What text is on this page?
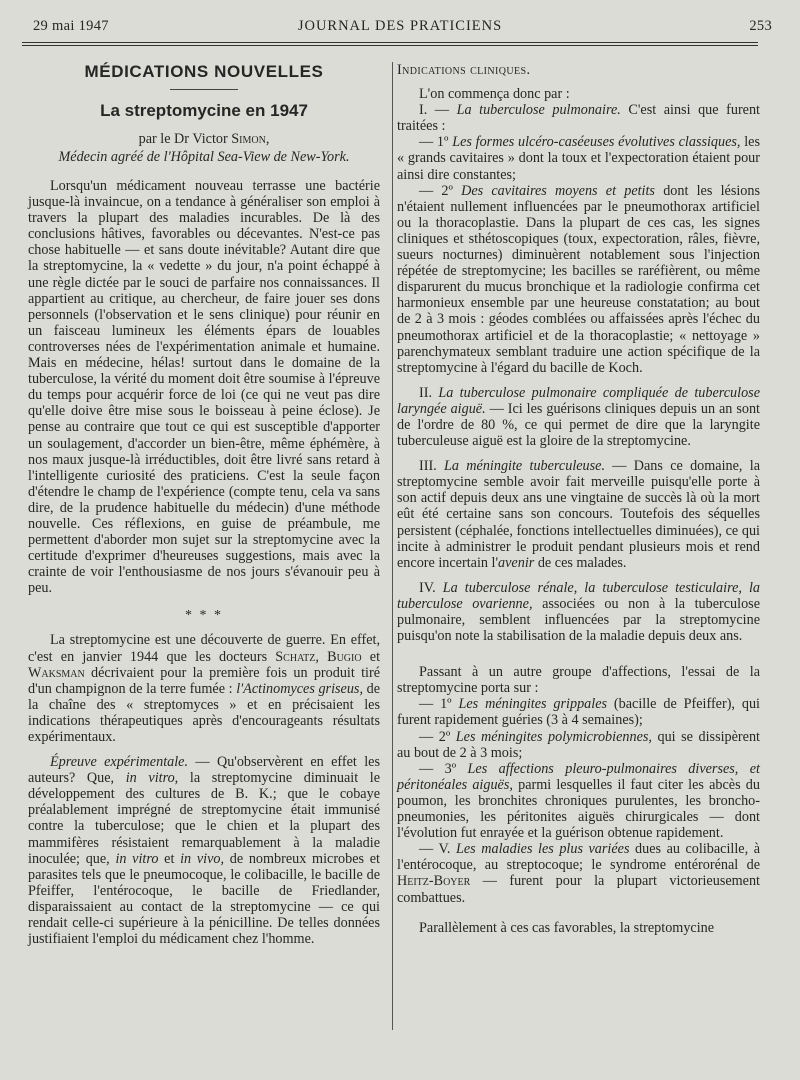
29 mai 1947	JOURNAL DES PRATICIENS	253
MÉDICATIONS NOUVELLES
La streptomycine en 1947
par le Dr Victor Simon,
Médecin agréé de l'Hôpital Sea-View de New-York.

Lorsqu'un médicament nouveau terrasse une bactérie jusque-là invaincue, on a tendance à généraliser son emploi à travers la plupart des maladies incurables. De là des conclusions hâtives, favorables ou décevantes. N'est-ce pas chose habituelle — et sans doute inévitable? Autant dire que la streptomycine, la « vedette » du jour, n'a point échappé à une règle dictée par le souci de parfaire nos connaissances. Il appartient au critique, au chercheur, de faire jouer ses dons personnels (l'observation et le sens clinique) pour réunir en un faisceau lumineux les éléments épars de louables controverses nées de l'expérimentation animale et humaine. Mais en médecine, hélas! surtout dans le domaine de la tuberculose, la vérité du moment doit être soumise à l'épreuve du temps pour acquérir force de loi (ce qui ne veut pas dire qu'elle doive être mise sous le boisseau à peine éclose). Je pense au contraire que tout ce qui est susceptible d'apporter un soulagement, d'accorder un bien-être, même éphémère, à nos maux jusque-là irréductibles, doit être livré sans retard à l'intelligente curiosité des praticiens. C'est la seule façon d'étendre le champ de l'expérience (compte tenu, cela va sans dire, de la prudence habituelle du médecin) d'une méthode nouvelle. Ces réflexions, en guise de préambule, me permettent d'aborder mon sujet sur la streptomycine avec la certitude d'exprimer d'heureuses suggestions, mais avec la crainte de voir l'enthousiasme de nos jours s'évanouir peu à peu.

* * *

La streptomycine est une découverte de guerre. En effet, c'est en janvier 1944 que les docteurs Schatz, Bugio et Waksman décrivaient pour la première fois un produit tiré d'un champignon de la terre fumée : l'Actinomyces griseus, de la chaîne des « streptomyces » et en précisaient les indications thérapeutiques après d'encourageants résultats expérimentaux.

Épreuve expérimentale. — Qu'observèrent en effet les auteurs? Que, in vitro, la streptomycine diminuait le développement des cultures de B. K.; que le cobaye préalablement imprégné de streptomycine était immunisé contre la tuberculose; que le chien et la plupart des mammifères résistaient remarquablement à la maladie inoculée; que, in vitro et in vivo, de nombreux microbes et parasites tels que le pneumocoque, le colibacille, le bacille de Pfeiffer, l'entérocoque, le bacille de Friedlander, disparaissaient au contact de la streptomycine — ce qui rendait celle-ci supérieure à la pénicilline. De telles données justifiaient l'emploi du médicament chez l'homme.

Indications cliniques.

L'on commença donc par :

I. — La tuberculose pulmonaire. C'est ainsi que furent traitées :

— 1º Les formes ulcéro-caséeuses évolutives classiques, les « grands cavitaires » dont la toux et l'expectoration étaient pour ainsi dire constantes;

— 2º Des cavitaires moyens et petits dont les lésions n'étaient nullement influencées par le pneumothorax artificiel ou la thoracoplastie. Dans la plupart de ces cas, les signes cliniques et sthétoscopiques (toux, expectoration, râles, fièvre, sueurs nocturnes) diminuèrent notablement sous l'injection répétée de streptomycine; les bacilles se raréfièrent, ou même disparurent du mucus bronchique et la radiologie confirma cet harmonieux ensemble par une heureuse constatation; au bout de 2 à 3 mois : géodes comblées ou affaissées après l'échec du pneumothorax artificiel et de la thoracoplastie; « nettoyage » parenchymateux semblant traduire une action spécifique de la streptomycine à l'égard du bacille de Koch.

II. La tuberculose pulmonaire compliquée de tuberculose laryngée aiguë. — Ici les guérisons cliniques depuis un an sont de l'ordre de 80 %, ce qui permet de dire que la laryngite tuberculeuse aiguë est la gloire de la streptomycine.

III. La méningite tuberculeuse. — Dans ce domaine, la streptomycine semble avoir fait merveille puisqu'elle porte à son actif depuis deux ans une vingtaine de succès là où la mort eût été certaine sans son concours. Toutefois des séquelles persistent (céphalée, fonctions intellectuelles diminuées), ce qui incite à administrer le produit pendant plusieurs mois et rend encore incertain l'avenir de ces malades.

IV. La tuberculose rénale, la tuberculose testiculaire, la tuberculose ovarienne, associées ou non à la tuberculose pulmonaire, semblent influencées par la streptomycine puisqu'on note la stabilisation de la maladie depuis deux ans.

Passant à un autre groupe d'affections, l'essai de la streptomycine porta sur :

— 1º Les méningites grippales (bacille de Pfeiffer), qui furent rapidement guéries (3 à 4 semaines);

— 2º Les méningites polymicrobiennes, qui se dissipèrent au bout de 2 à 3 mois;

— 3º Les affections pleuro-pulmonaires diverses, et péritonéales aiguës, parmi lesquelles il faut citer les abcès du poumon, les bronchites chroniques purulentes, les broncho-pneumonies, les péritonites aiguës chirurgicales — dont l'évolution fut enrayée et la guérison obtenue rapidement.

— V. Les maladies les plus variées dues au colibacille, à l'entérocoque, au streptocoque; le syndrome entérorénal de Heitz-Boyer — furent pour la plupart victorieusement combattues.

Parallèlement à ces cas favorables, la streptomycine
